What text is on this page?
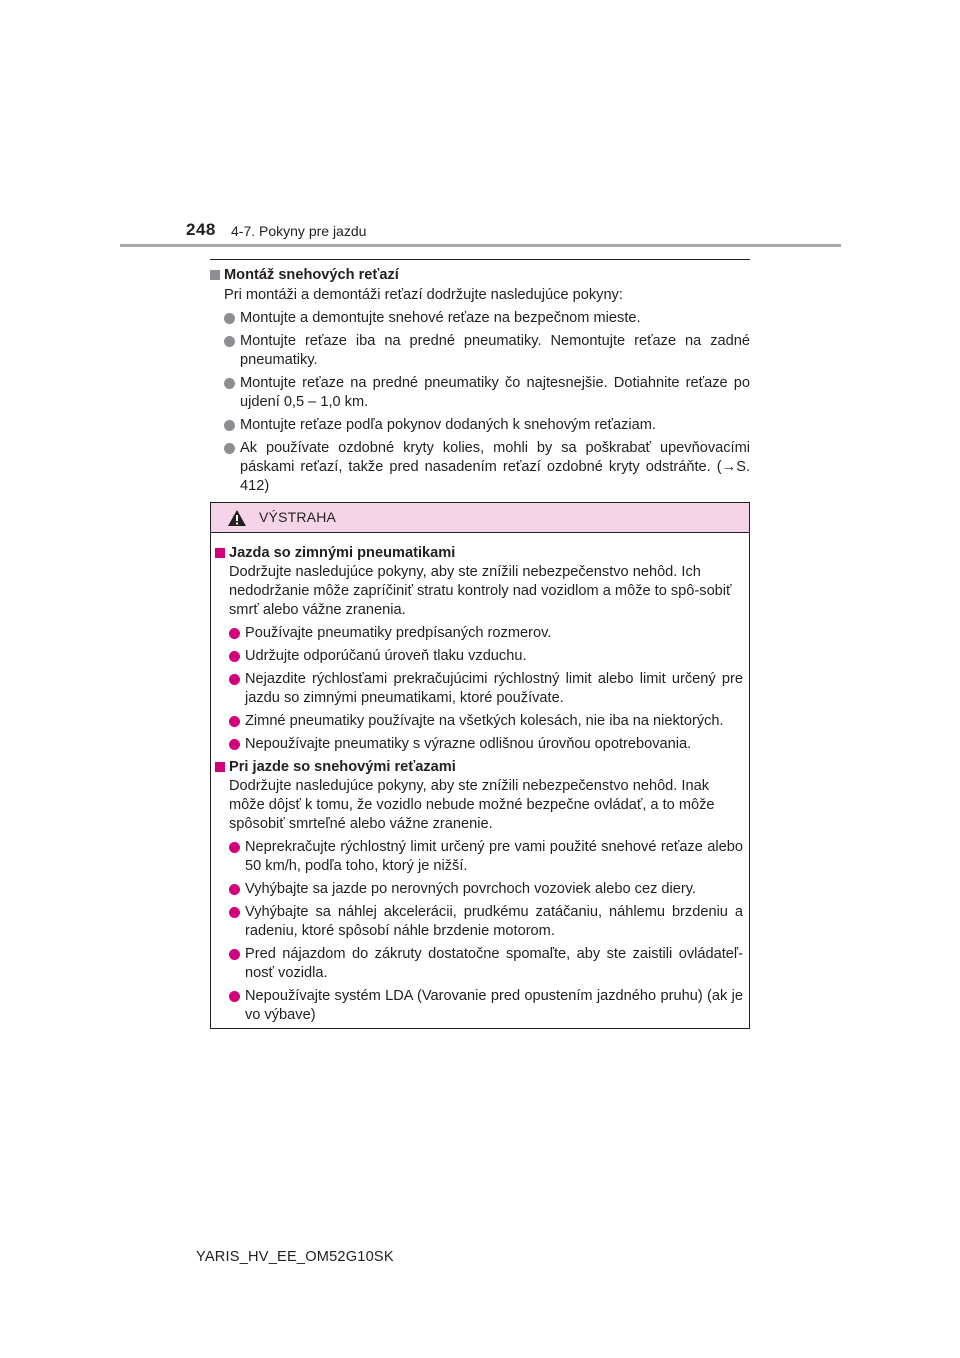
248 4-7. Pokyny pre jazdu
Montáž snehových reťazí

Pri montáži a demontáži reťazí dodržujte nasledujúce pokyny:

Montujte a demontujte snehové reťaze na bezpečnom mieste.
Montujte reťaze iba na predné pneumatiky. Nemontujte reťaze na zadné pneumatiky.
Montujte reťaze na predné pneumatiky čo najtesnejšie. Dotiahnite reťaze po ujdení 0,5 – 1,0 km.
Montujte reťaze podľa pokynov dodaných k snehovým reťaziam.
Ak používate ozdobné kryty kolies, mohli by sa poškrabať upevňovacími páskami reťazí, takže pred nasadením reťazí ozdobné kryty odstráňte. (→S. 412)
VÝSTRAHA
Jazda so zimnými pneumatikami

Dodržujte nasledujúce pokyny, aby ste znížili nebezpečenstvo nehôd. Ich nedodržanie môže zapríčiniť stratu kontroly nad vozidlom a môže to spô-sobiť smrť alebo vážne zranenia.

Používajte pneumatiky predpísaných rozmerov.
Udržujte odporúčanú úroveň tlaku vzduchu.
Nejazdite rýchlosťami prekračujúcimi rýchlostný limit alebo limit určený pre jazdu so zimnými pneumatikami, ktoré používate.
Zimné pneumatiky používajte na všetkých kolesách, nie iba na niektorých.
Nepoužívajte pneumatiky s výrazne odlišnou úrovňou opotrebovania.
Pri jazde so snehovými reťazami

Dodržujte nasledujúce pokyny, aby ste znížili nebezpečenstvo nehôd. Inak môže dôjsť k tomu, že vozidlo nebude možné bezpečne ovládať, a to môže spôsobiť smrteľné alebo vážne zranenie.

Neprekračujte rýchlostný limit určený pre vami použité snehové reťaze alebo 50 km/h, podľa toho, ktorý je nižší.
Vyhýbajte sa jazde po nerovných povrchoch vozoviek alebo cez diery.
Vyhýbajte sa náhlej akcelerácii, prudkému zatáčaniu, náhlemu brzdeniu a radeniu, ktoré spôsobí náhle brzdenie motorom.
Pred nájazdom do zákruty dostatočne spomaľte, aby ste zaistili ovládateľ-nosť vozidla.
Nepoužívajte systém LDA (Varovanie pred opustením jazdného pruhu) (ak je vo výbave)
YARIS_HV_EE_OM52G10SK
